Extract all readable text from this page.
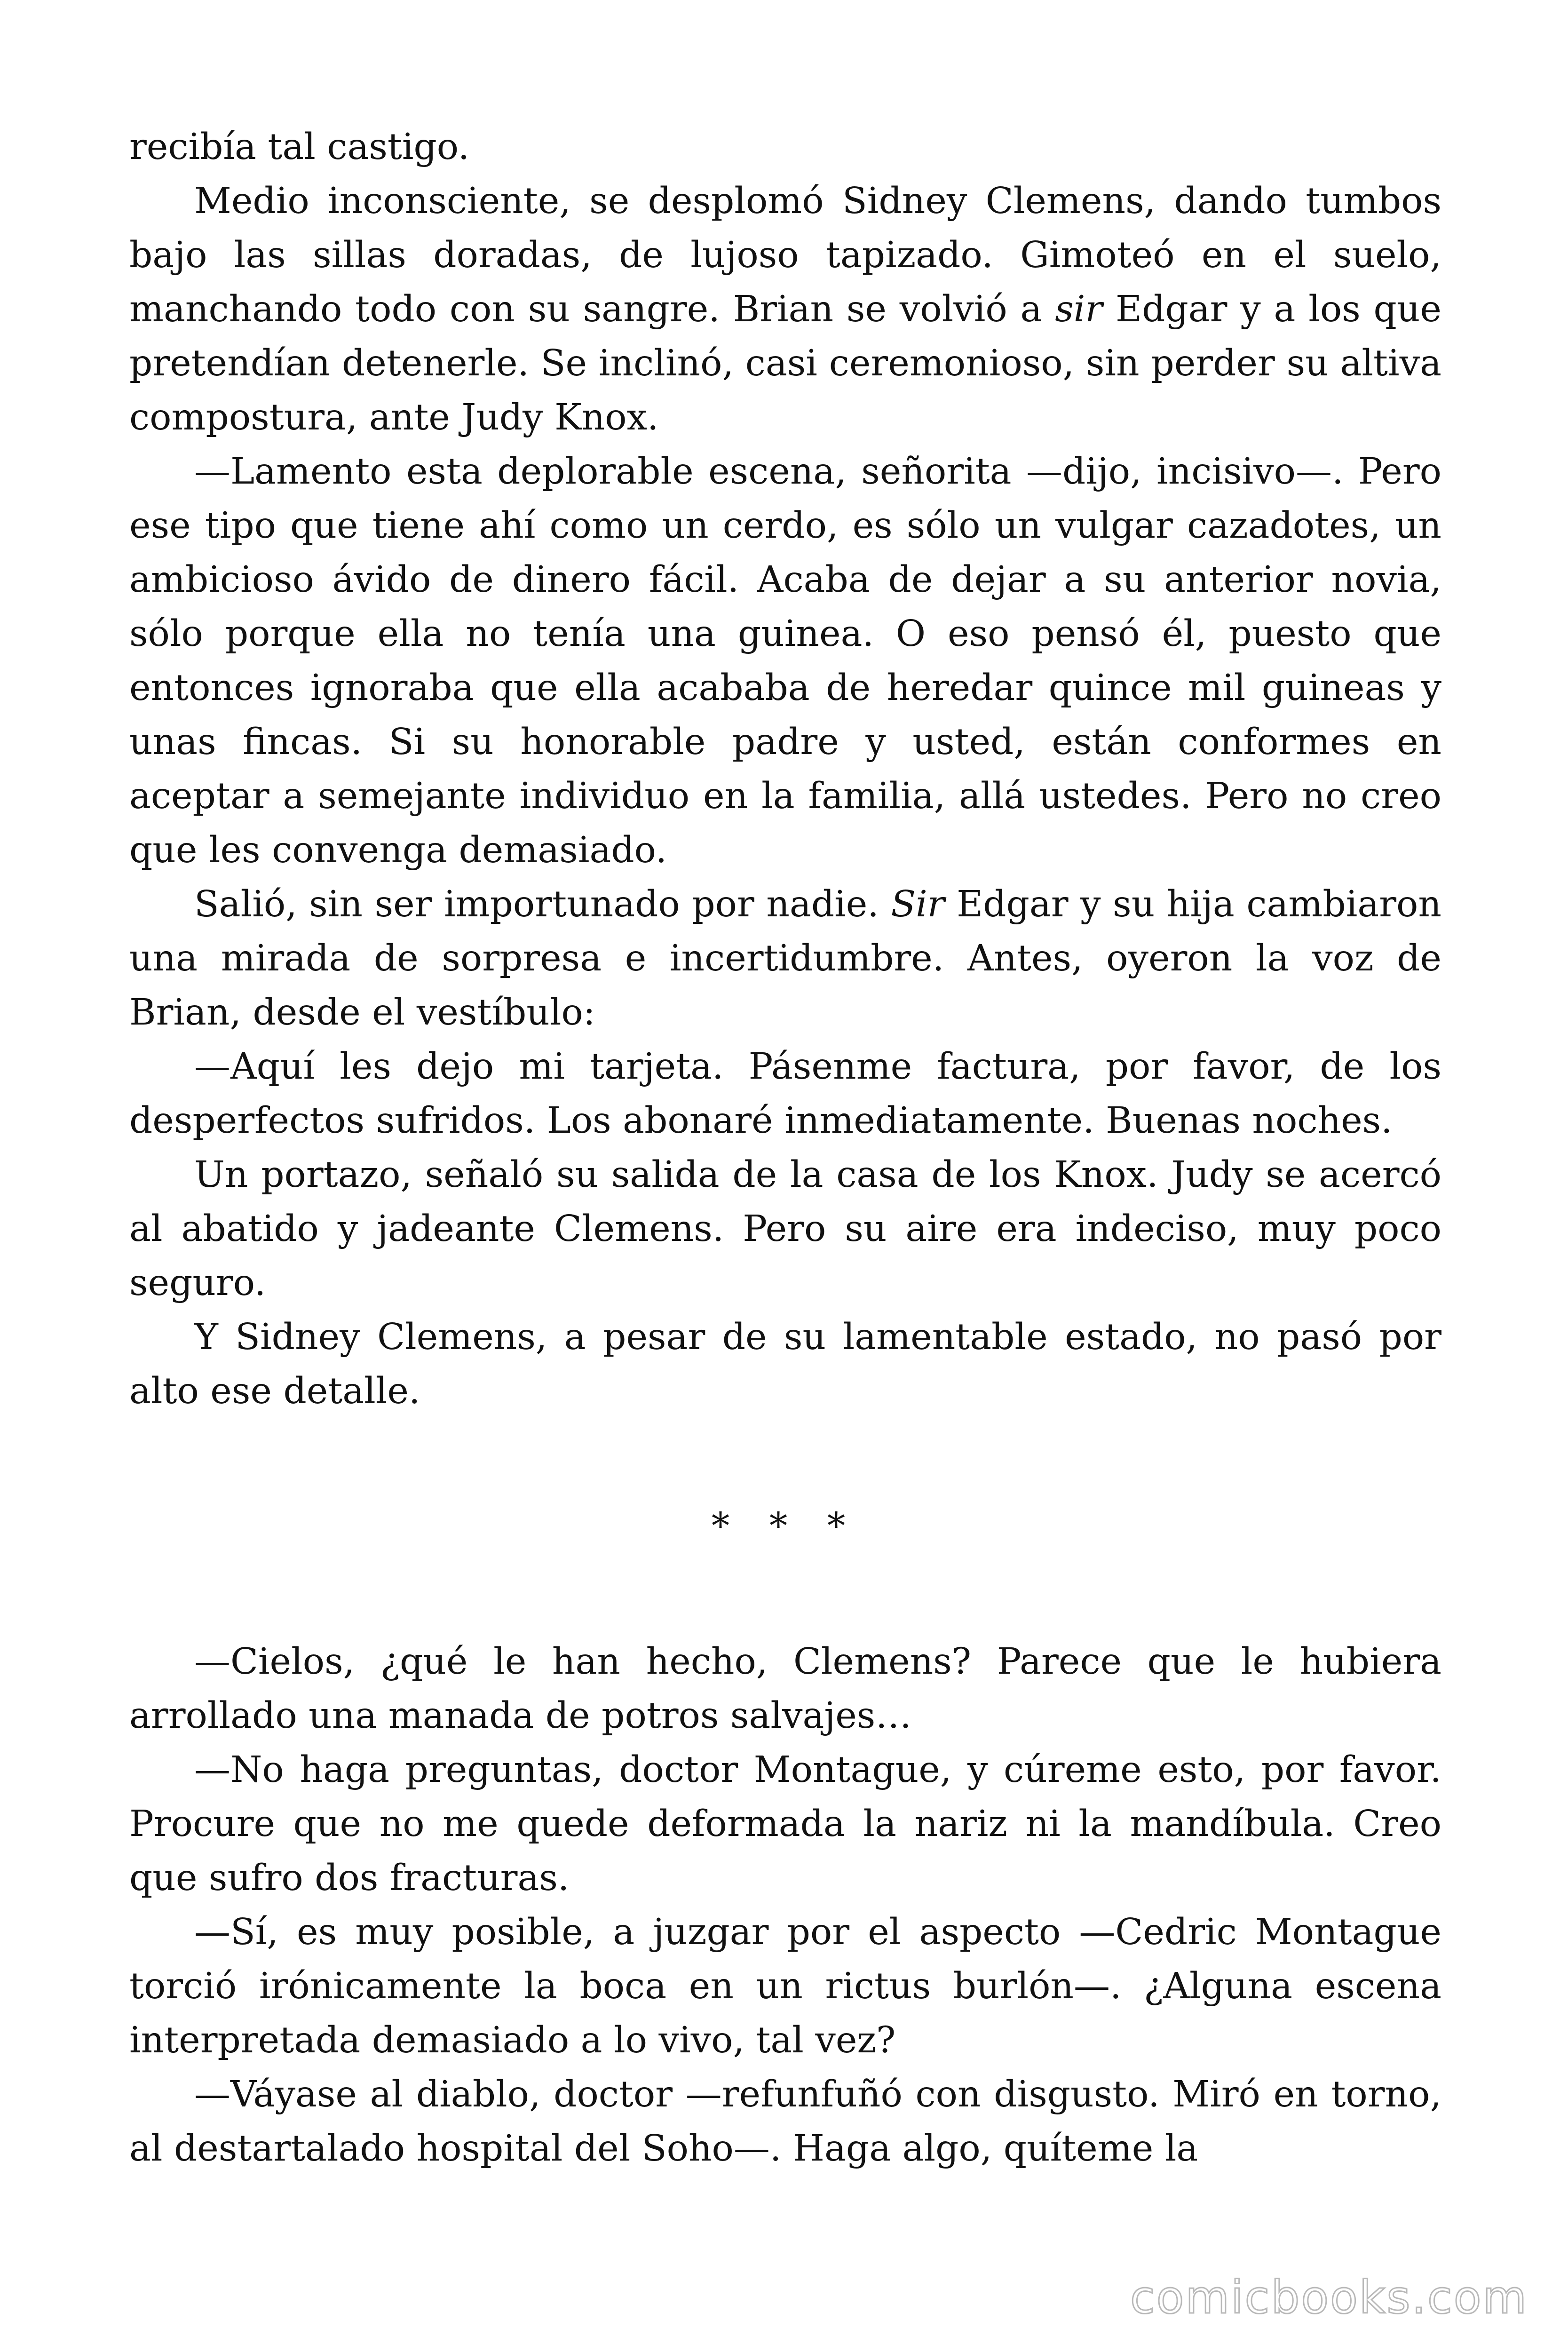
recibía tal castigo.

Medio inconsciente, se desplomó Sidney Clemens, dando tumbos bajo las sillas doradas, de lujoso tapizado. Gimoteó en el suelo, manchando todo con su sangre. Brian se volvió a sir Edgar y a los que pretendían detenerle. Se inclinó, casi ceremonioso, sin perder su altiva compostura, ante Judy Knox.

—Lamento esta deplorable escena, señorita —dijo, incisivo—. Pero ese tipo que tiene ahí como un cerdo, es sólo un vulgar cazadotes, un ambicioso ávido de dinero fácil. Acaba de dejar a su anterior novia, sólo porque ella no tenía una guinea. O eso pensó él, puesto que entonces ignoraba que ella acababa de heredar quince mil guineas y unas fincas. Si su honorable padre y usted, están conformes en aceptar a semejante individuo en la familia, allá ustedes. Pero no creo que les convenga demasiado.

Salió, sin ser importunado por nadie. Sir Edgar y su hija cambiaron una mirada de sorpresa e incertidumbre. Antes, oyeron la voz de Brian, desde el vestíbulo:

—Aquí les dejo mi tarjeta. Pásenme factura, por favor, de los desperfectos sufridos. Los abonaré inmediatamente. Buenas noches.

Un portazo, señaló su salida de la casa de los Knox. Judy se acercó al abatido y jadeante Clemens. Pero su aire era indeciso, muy poco seguro.

Y Sidney Clemens, a pesar de su lamentable estado, no pasó por alto ese detalle.

* * *

—Cielos, ¿qué le han hecho, Clemens? Parece que le hubiera arrollado una manada de potros salvajes…

—No haga preguntas, doctor Montague, y cúreme esto, por favor. Procure que no me quede deformada la nariz ni la mandíbula. Creo que sufro dos fracturas.

—Sí, es muy posible, a juzgar por el aspecto —Cedric Montague torció irónicamente la boca en un rictus burlón—. ¿Alguna escena interpretada demasiado a lo vivo, tal vez?

—Váyase al diablo, doctor —refunfuñó con disgusto. Miró en torno, al destartalado hospital del Soho—. Haga algo, quíteme la

comicbooks.com
